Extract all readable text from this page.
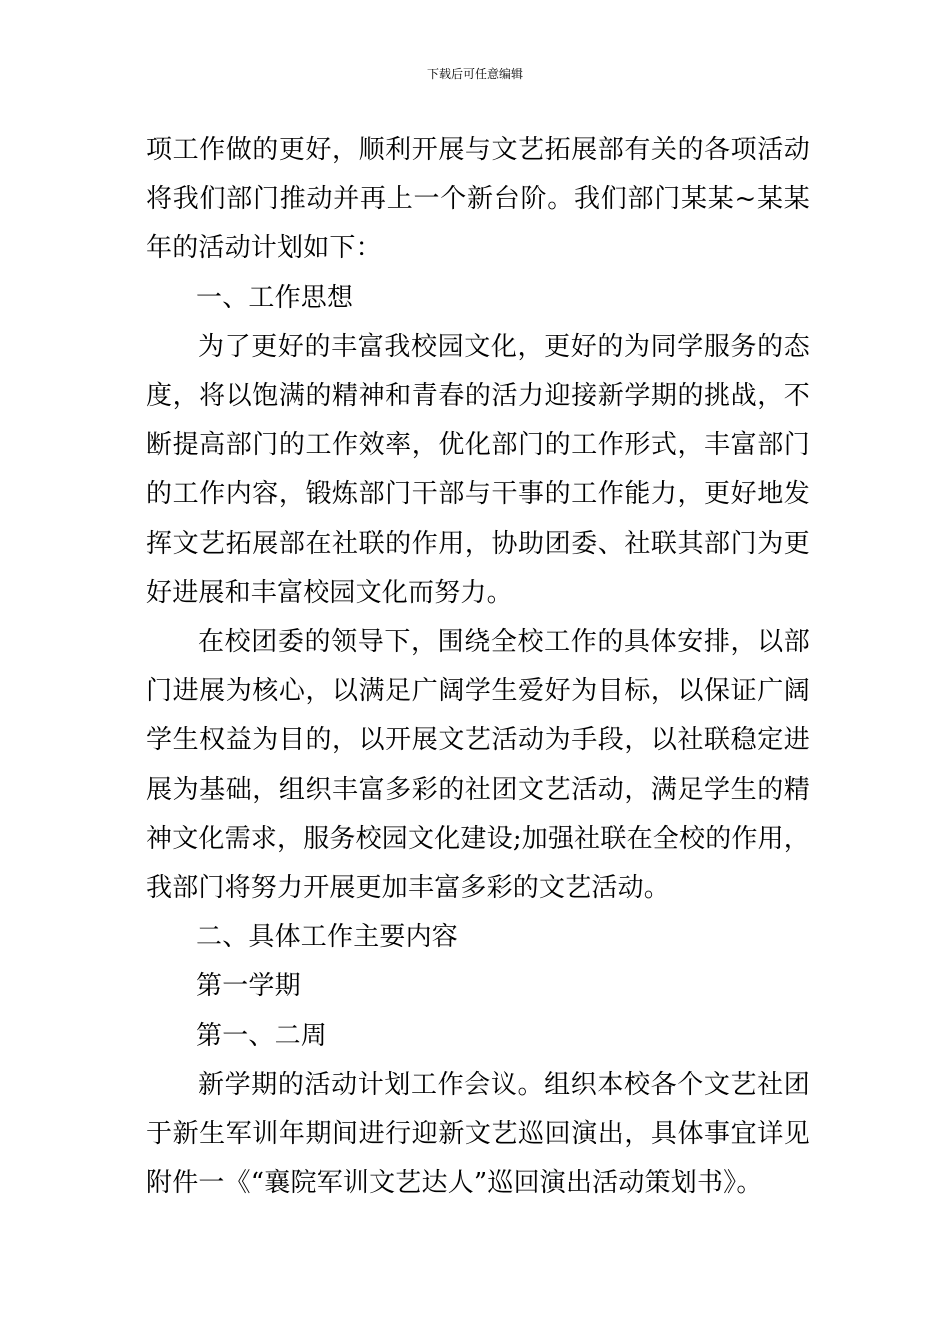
下载后可任意编辑

项工作做的更好，顺利开展与文艺拓展部有关的各项活动将我们部门推动并再上一个新台阶。我们部门某某~某某年的活动计划如下：

一、工作思想

为了更好的丰富我校园文化，更好的为同学服务的态度，将以饱满的精神和青春的活力迎接新学期的挑战，不断提高部门的工作效率，优化部门的工作形式，丰富部门的工作内容，锻炼部门干部与干事的工作能力，更好地发挥文艺拓展部在社联的作用，协助团委、社联其部门为更好进展和丰富校园文化而努力。

在校团委的领导下，围绕全校工作的具体安排，以部门进展为核心，以满足广阔学生爱好为目标，以保证广阔学生权益为目的，以开展文艺活动为手段，以社联稳定进展为基础，组织丰富多彩的社团文艺活动，满足学生的精神文化需求，服务校园文化建设;加强社联在全校的作用，我部门将努力开展更加丰富多彩的文艺活动。

二、具体工作主要内容

第一学期

第一、二周

新学期的活动计划工作会议。组织本校各个文艺社团于新生军训年期间进行迎新文艺巡回演出，具体事宜详见附件一《“襄院军训文艺达人”巡回演出活动策划书》。
